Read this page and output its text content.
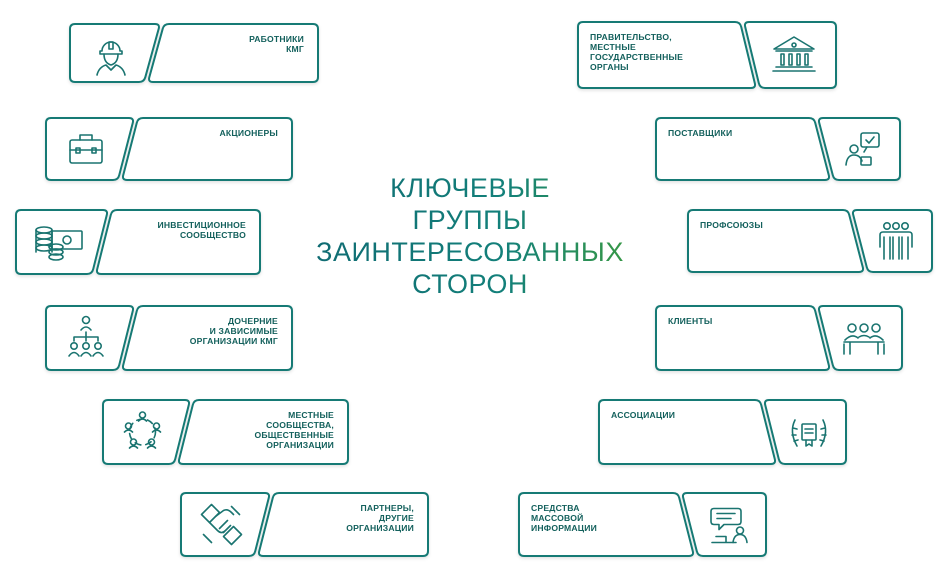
КЛЮЧЕВЫЕ
ГРУППЫ
ЗАИНТЕРЕСОВАННЫХ
СТОРОН
РАБОТНИКИ
КМГ
АКЦИОНЕРЫ
ИНВЕСТИЦИОННОЕ
СООБЩЕСТВО
ДОЧЕРНИЕ
И ЗАВИСИМЫЕ
ОРГАНИЗАЦИИ КМГ
МЕСТНЫЕ
СООБЩЕСТВА,
ОБЩЕСТВЕННЫЕ
ОРГАНИЗАЦИИ
ПАРТНЕРЫ,
ДРУГИЕ
ОРГАНИЗАЦИИ
ПРАВИТЕЛЬСТВО,
МЕСТНЫЕ
ГОСУДАРСТВЕННЫЕ
ОРГАНЫ
ПОСТАВЩИКИ
ПРОФСОЮЗЫ
КЛИЕНТЫ
АССОЦИАЦИИ
СРЕДСТВА
МАССОВОЙ
ИНФОРМАЦИИ
